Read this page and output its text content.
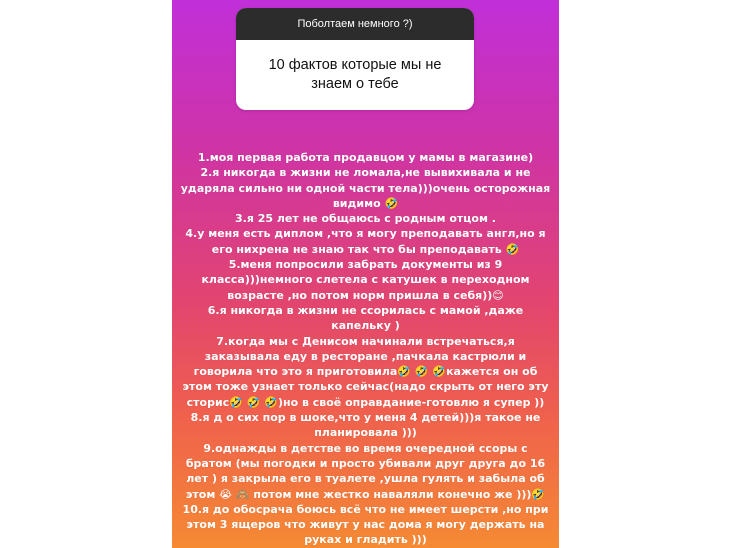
Поболтаем немного ?)
10 фактов которые мы не знаем о тебе
1.моя первая работа продавцом у мамы в магазине)
2.я никогда в жизни не ломала,не вывихивала и не ударяла сильно ни одной части тела)))очень осторожная видимо 🤣
3.я 25 лет не общаюсь с родным отцом .
4.у меня есть диплом ,что я могу преподавать англ,но я его нихрена не знаю так что бы преподавать 🤣
5.меня попросили забрать документы из 9 класса)))немного слетела с катушек в переходном возрасте ,но потом норм пришла в себя))😊
6.я никогда в жизни не ссорилась с мамой ,даже капельку )
7.когда мы с Денисом начинали встречаться,я заказывала еду в ресторане ,пачкала кастрюли и говорила что это я приготовила🤣 🤣 🤣кажется он об этом тоже узнает только сейчас(надо скрыть от него эту сторис🤣 🤣 🤣)но в своё оправдание-готовлю я супер ))
8.я д о сих пор в шоке,что у меня 4 детей)))я такое не планировала )))
9.однажды в детстве во время очередной ссоры с братом (мы погодки и просто убивали друг друга до 16 лет ) я закрыла его в туалете ,ушла гулять и забыла об этом 😭 🙈 потом мне жестко наваляли конечно же )))🤣
10.я до обосрача боюсь всё что не имеет шерсти ,но при этом 3 ящеров что живут у нас дома я могу держать на руках и гладить )))
